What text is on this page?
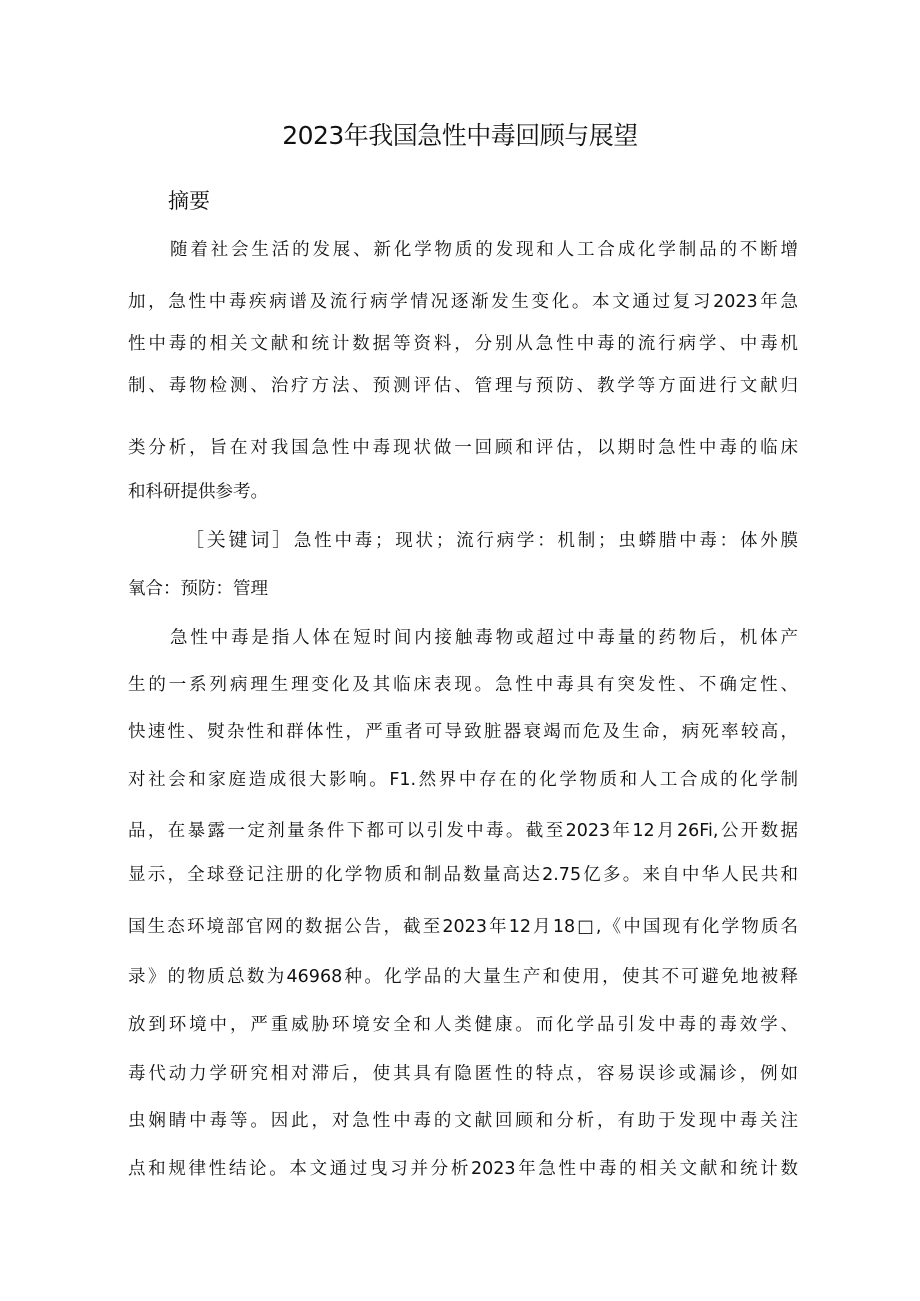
2023年我国急性中毒回顾与展望
摘要
随着社会生活的发展、新化学物质的发现和人工合成化学制品的不断增
加，急性中毒疾病谱及流行病学情况逐渐发生变化。本文通过复习2023年急
性中毒的相关文献和统计数据等资料，分别从急性中毒的流行病学、中毒机
制、毒物检测、治疗方法、预测评估、管理与预防、教学等方面进行文献归
类分析，旨在对我国急性中毒现状做一回顾和评估，以期时急性中毒的临床
和科研提供参考。
［关键词］急性中毒；现状；流行病学：机制；虫蟒腊中毒：体外膜
氧合：预防：管理
急性中毒是指人体在短时间内接触毒物或超过中毒量的药物后，机体产
生的一系列病理生理变化及其临床表现。急性中毒具有突发性、不确定性、
快速性、熨杂性和群体性，严重者可导致脏器衰竭而危及生命，病死率较高，
对社会和家庭造成很大影响。F1.然界中存在的化学物质和人工合成的化学制
品，在暴露一定剂量条件下都可以引发中毒。截至2023年12月26Fi,公开数据
显示，全球登记注册的化学物质和制品数量高达2.75亿多。来自中华人民共和
国生态环境部官网的数据公告，截至2023年12月18□,《中国现有化学物质名
录》的物质总数为46968种。化学品的大量生产和使用，使其不可避免地被释
放到环境中，严重威胁环境安全和人类健康。而化学品引发中毒的毒效学、
毒代动力学研究相对滞后，使其具有隐匿性的特点，容易误诊或漏诊，例如
虫娴睛中毒等。因此，对急性中毒的文献回顾和分析，有助于发现中毒关注
点和规律性结论。本文通过曳习并分析2023年急性中毒的相关文献和统计数
